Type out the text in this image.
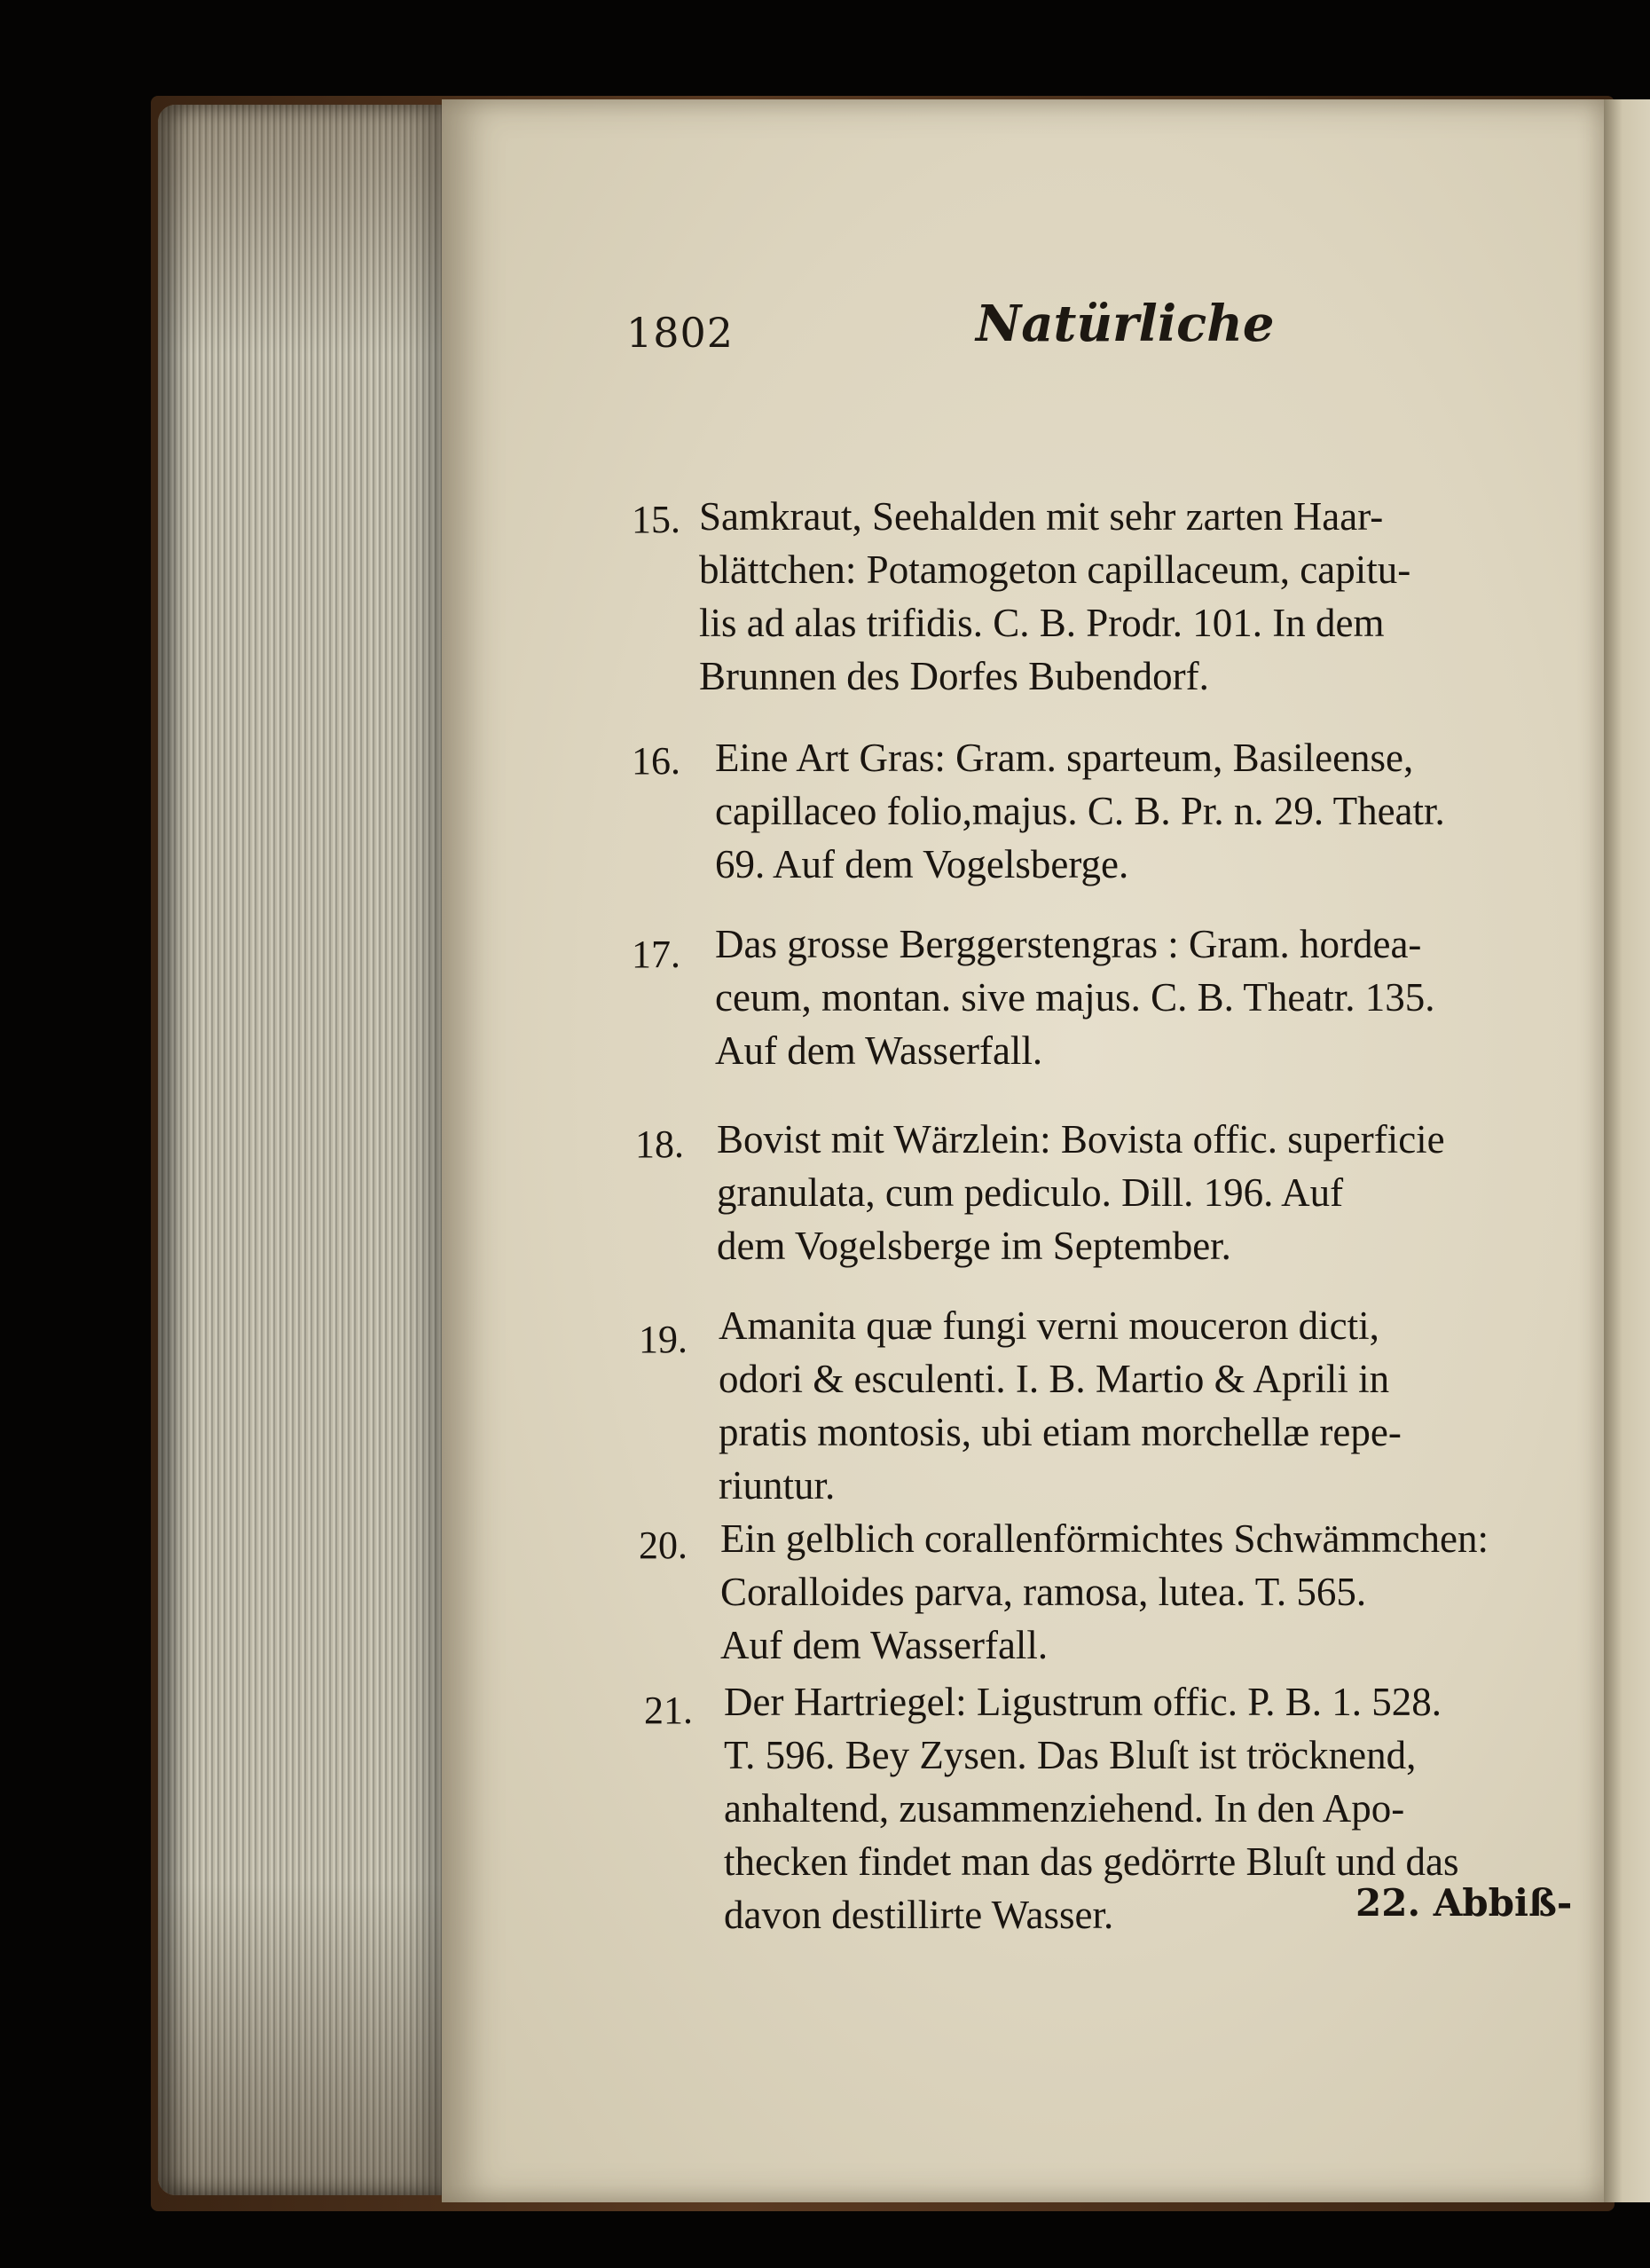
1802	Natürliche
15. Samkraut, Seehalden mit sehr zarten Haar-
blättchen: Potamogeton capillaceum, capitu-
lis ad alas trifidis. C. B. Prodr. 101. In dem
Brunnen des Dorfes Bubendorf.
16. Eine Art Gras: Gram. sparteum, Basileense,
capillaceo folio,majus. C. B. Pr. n. 29. Theatr.
69. Auf dem Vogelsberge.
17. Das grosse Berggerstengras : Gram. hordea-
ceum, montan. sive majus. C. B. Theatr. 135.
Auf dem Wasserfall.
18. Bovist mit Wärzlein: Bovista offic. superficie
granulata, cum pediculo. Dill. 196. Auf
dem Vogelsberge im September.
19. Amanita quæ fungi verni mouceron dicti,
odori & esculenti. I. B. Martio & Aprili in
pratis montosis, ubi etiam morchellæ repe-
riuntur.
20. Ein gelblich corallenförmichtes Schwämmchen:
Coralloides parva, ramosa, lutea. T. 565.
Auf dem Wasserfall.
21. Der Hartriegel: Ligustrum offic. P. B. 1. 528.
T. 596. Bey Zysen. Das Bluſt ist tröcknend,
anhaltend, zusammenziehend. In den Apo-
thecken findet man das gedörrte Bluſt und das
davon destillirte Wasser.	22. Abbiß-
